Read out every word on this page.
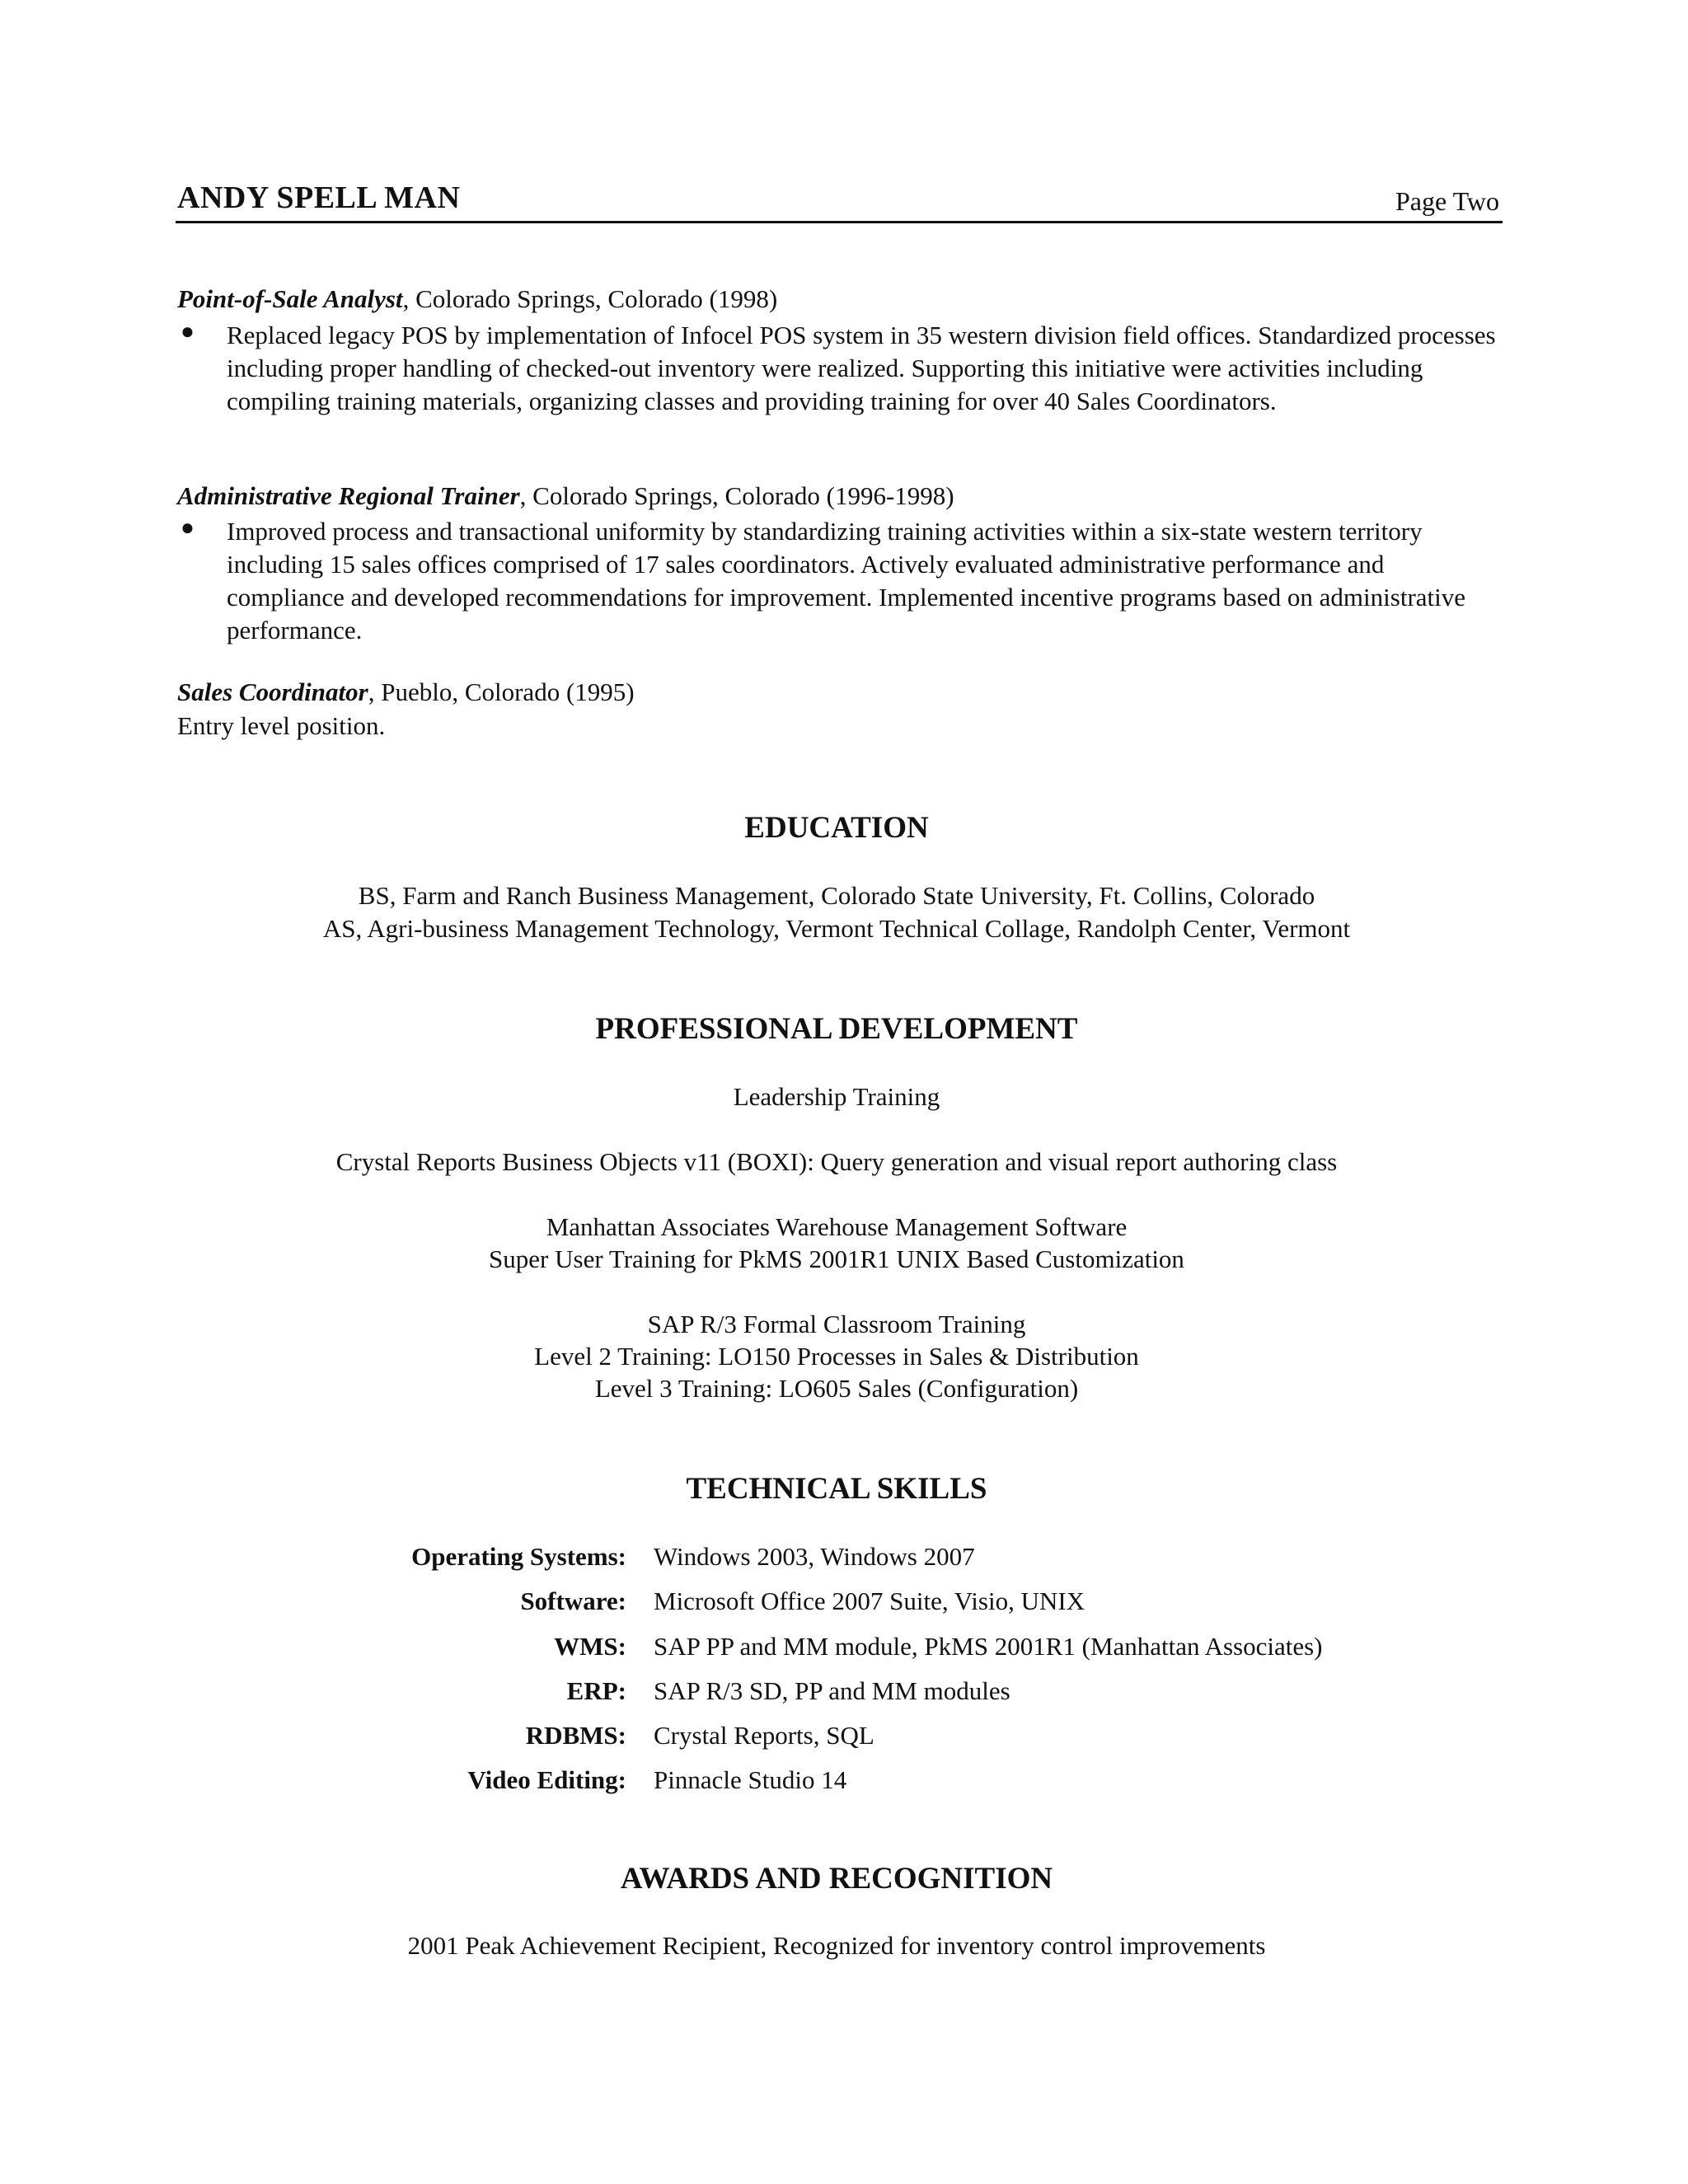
ANDY SPELL MAN	Page Two
Point-of-Sale Analyst, Colorado Springs, Colorado (1998)
● Replaced legacy POS by implementation of Infocel POS system in 35 western division field offices. Standardized processes including proper handling of checked-out inventory were realized. Supporting this initiative were activities including compiling training materials, organizing classes and providing training for over 40 Sales Coordinators.
Administrative Regional Trainer, Colorado Springs, Colorado (1996-1998)
● Improved process and transactional uniformity by standardizing training activities within a six-state western territory including 15 sales offices comprised of 17 sales coordinators. Actively evaluated administrative performance and compliance and developed recommendations for improvement. Implemented incentive programs based on administrative performance.
Sales Coordinator, Pueblo, Colorado (1995)
Entry level position.
EDUCATION
BS, Farm and Ranch Business Management, Colorado State University, Ft. Collins, Colorado
AS, Agri-business Management Technology, Vermont Technical Collage, Randolph Center, Vermont
PROFESSIONAL DEVELOPMENT
Leadership Training
Crystal Reports Business Objects v11 (BOXI): Query generation and visual report authoring class
Manhattan Associates Warehouse Management Software
Super User Training for PkMS 2001R1 UNIX Based Customization
SAP R/3 Formal Classroom Training
Level 2 Training: LO150 Processes in Sales & Distribution
Level 3 Training: LO605 Sales (Configuration)
TECHNICAL SKILLS
Operating Systems: Windows 2003, Windows 2007
Software: Microsoft Office 2007 Suite, Visio, UNIX
WMS: SAP PP and MM module, PkMS 2001R1 (Manhattan Associates)
ERP: SAP R/3 SD, PP and MM modules
RDBMS: Crystal Reports, SQL
Video Editing: Pinnacle Studio 14
AWARDS AND RECOGNITION
2001 Peak Achievement Recipient, Recognized for inventory control improvements
